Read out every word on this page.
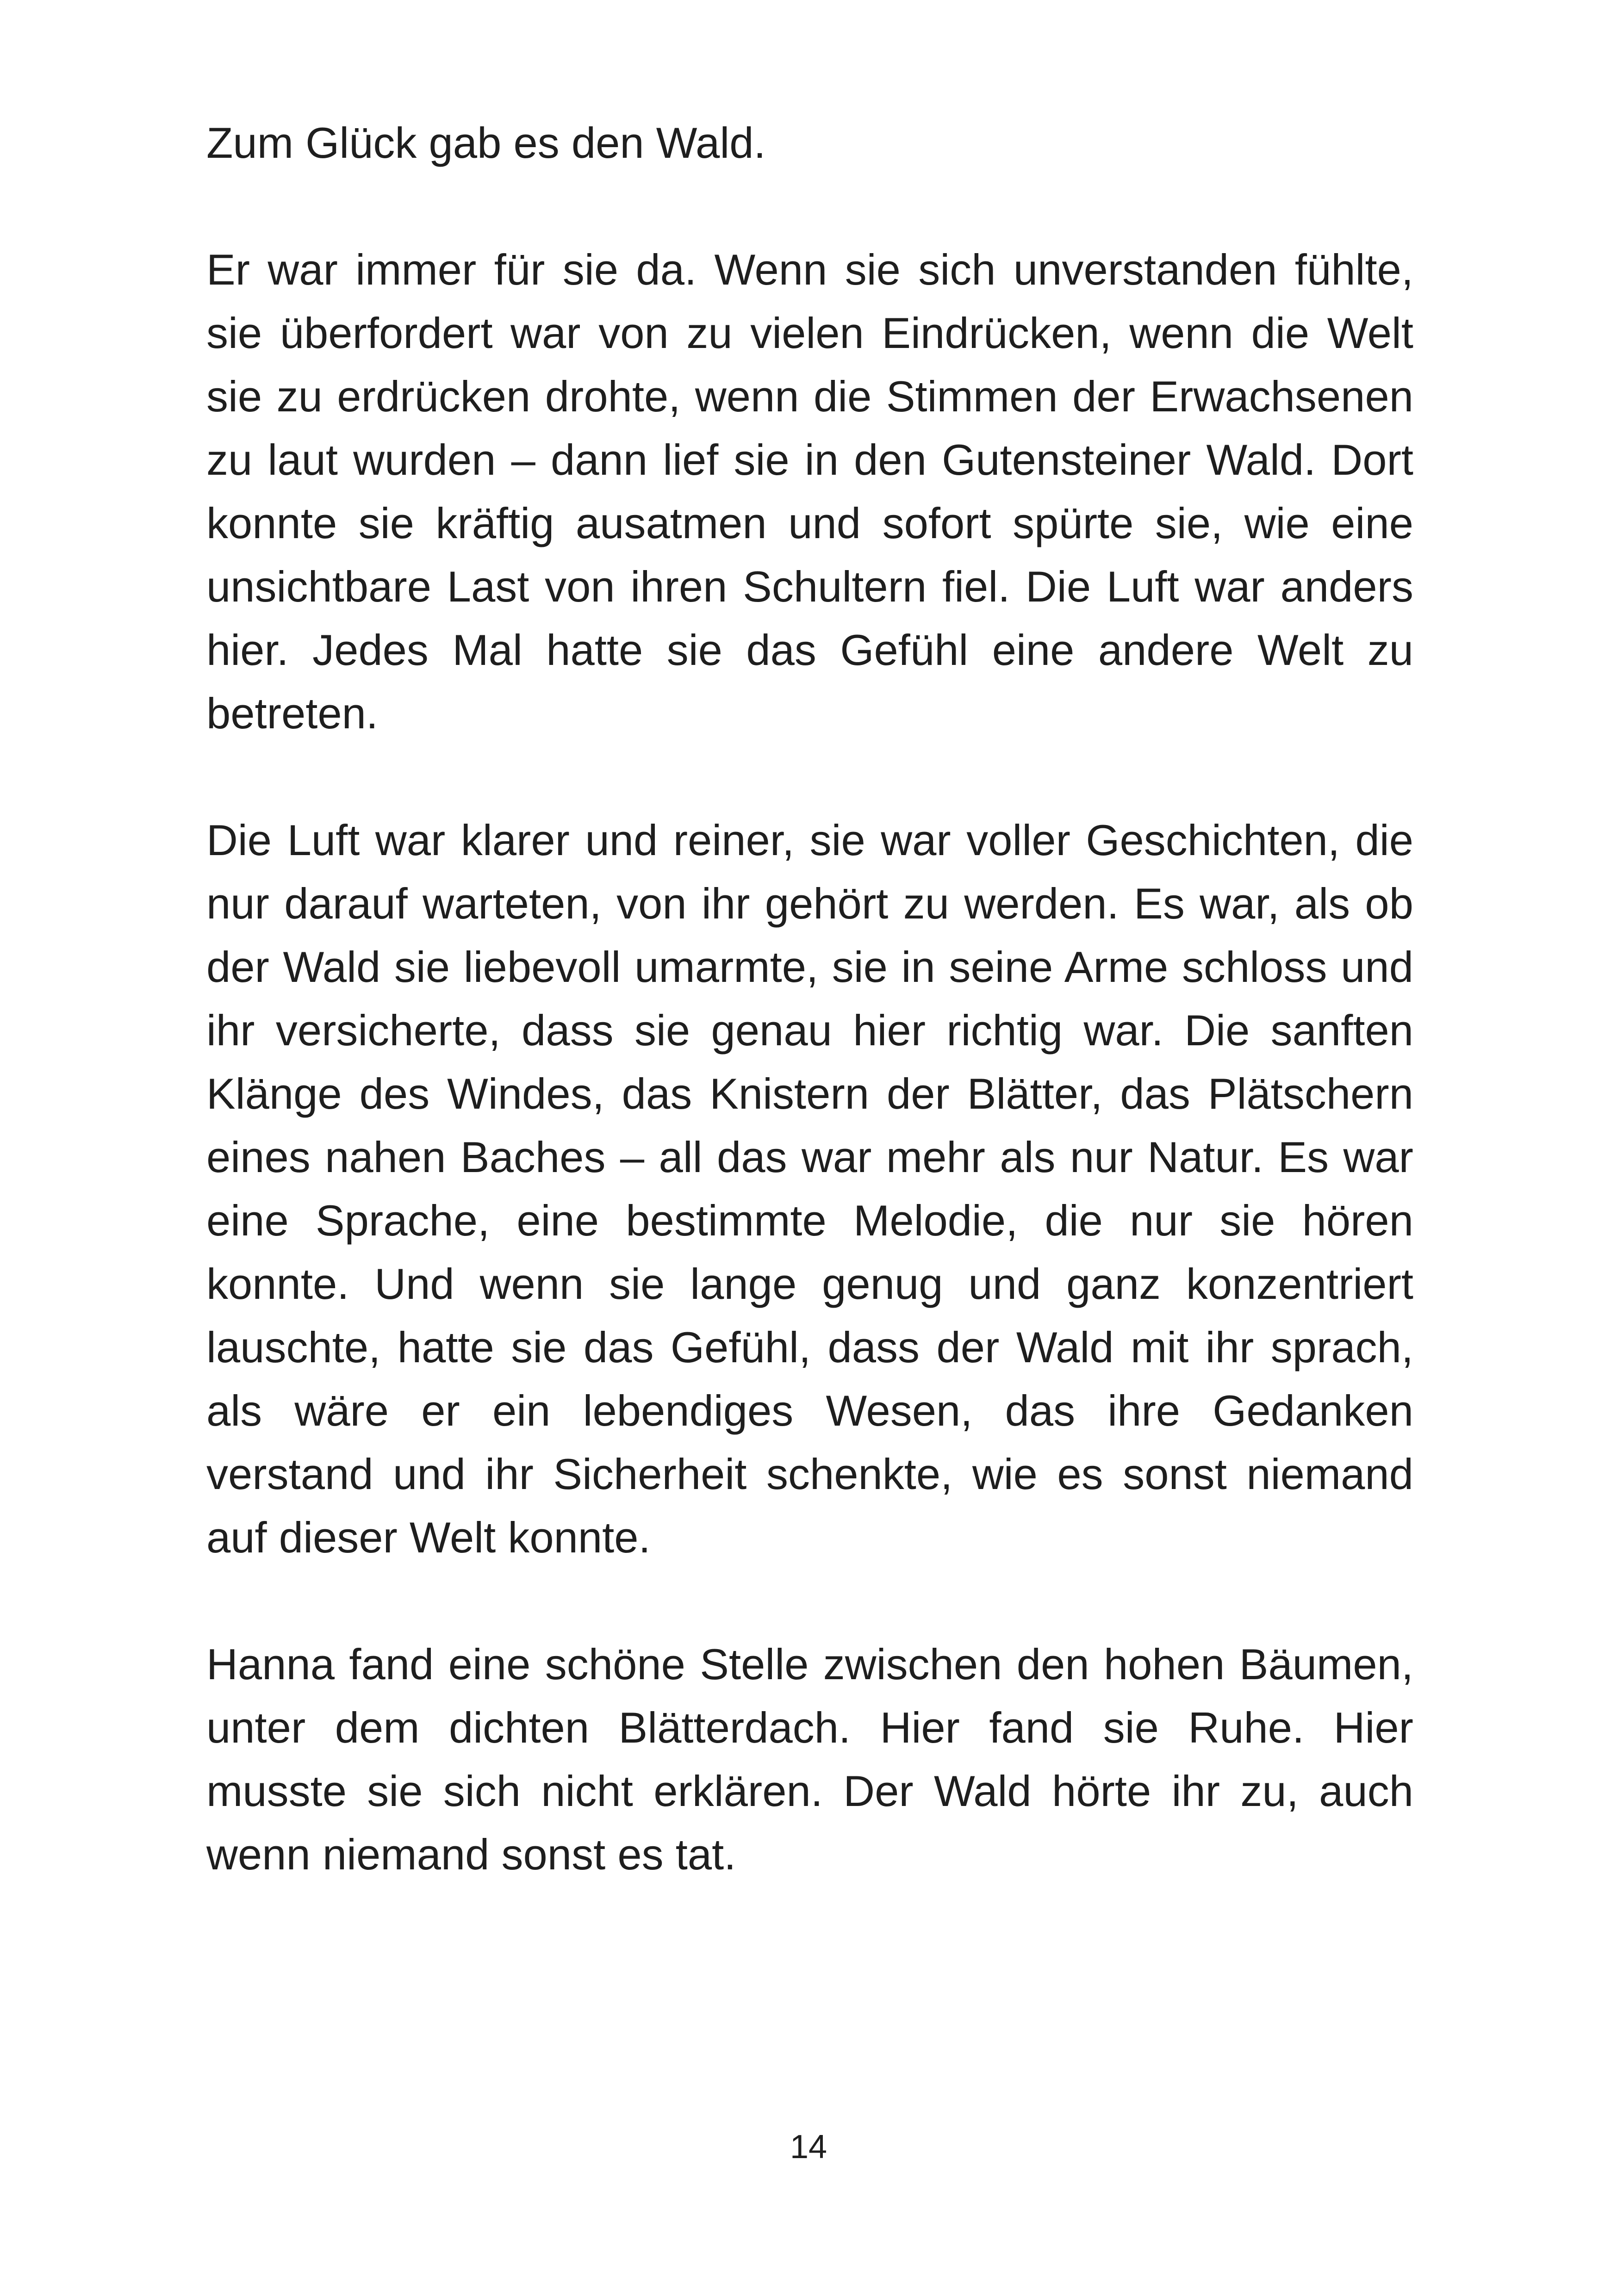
Zum Glück gab es den Wald.

Er war immer für sie da. Wenn sie sich unverstanden fühlte, sie überfordert war von zu vielen Eindrücken, wenn die Welt sie zu erdrücken drohte, wenn die Stimmen der Erwachsenen zu laut wurden – dann lief sie in den Gutensteiner Wald. Dort konnte sie kräftig ausatmen und sofort spürte sie, wie eine unsichtbare Last von ihren Schultern fiel. Die Luft war anders hier. Jedes Mal hatte sie das Gefühl eine andere Welt zu betreten.

Die Luft war klarer und reiner, sie war voller Geschichten, die nur darauf warteten, von ihr gehört zu werden. Es war, als ob der Wald sie liebevoll umarmte, sie in seine Arme schloss und ihr versicherte, dass sie genau hier richtig war. Die sanften Klänge des Windes, das Knistern der Blätter, das Plätschern eines nahen Baches – all das war mehr als nur Natur. Es war eine Sprache, eine bestimmte Melodie, die nur sie hören konnte. Und wenn sie lange genug und ganz konzentriert lauschte, hatte sie das Gefühl, dass der Wald mit ihr sprach, als wäre er ein lebendiges Wesen, das ihre Gedanken verstand und ihr Sicherheit schenkte, wie es sonst niemand auf dieser Welt konnte.

Hanna fand eine schöne Stelle zwischen den hohen Bäumen, unter dem dichten Blätterdach. Hier fand sie Ruhe. Hier musste sie sich nicht erklären. Der Wald hörte ihr zu, auch wenn niemand sonst es tat.

14
